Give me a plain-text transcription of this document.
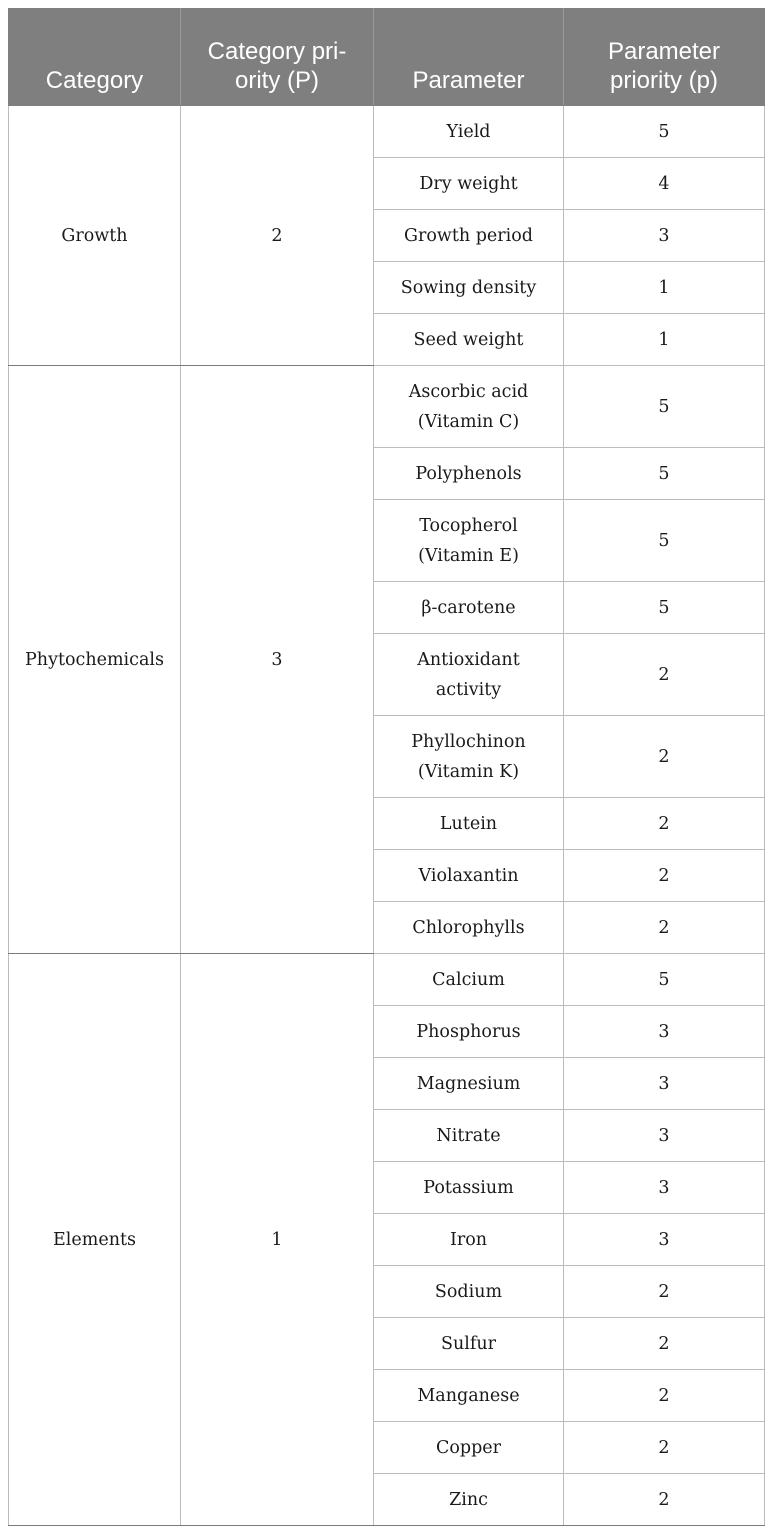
Category	Category pri-ority (P)	Parameter	Parameter priority (p)
Growth	2	Yield	5
		Dry weight	4
		Growth period	3
		Sowing density	1
		Seed weight	1
Phytochemicals	3	Ascorbic acid (Vitamin C)	5
		Polyphenols	5
		Tocopherol (Vitamin E)	5
		β-carotene	5
		Antioxidant activity	2
		Phyllochinon (Vitamin K)	2
		Lutein	2
		Violaxantin	2
		Chlorophylls	2
Elements	1	Calcium	5
		Phosphorus	3
		Magnesium	3
		Nitrate	3
		Potassium	3
		Iron	3
		Sodium	2
		Sulfur	2
		Manganese	2
		Copper	2
		Zinc	2
